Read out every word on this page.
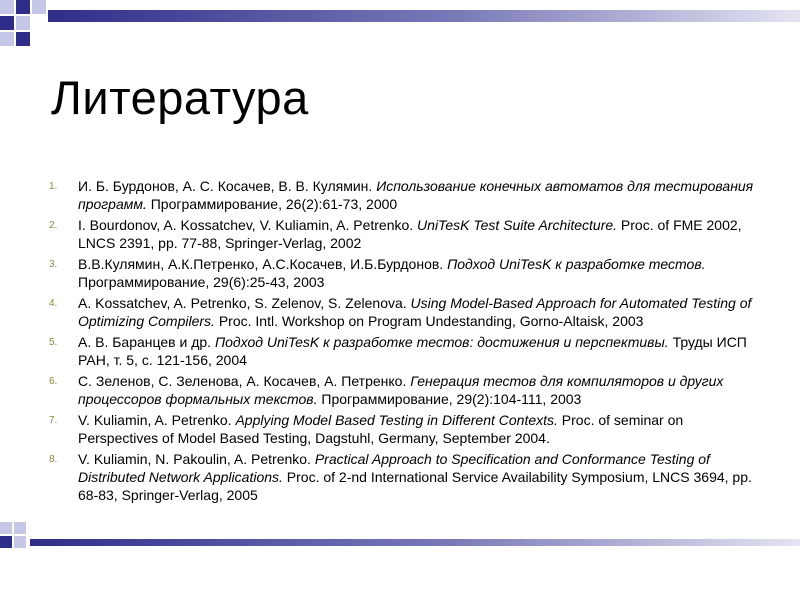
Литература
1.	И. Б. Бурдонов, А. С. Косачев, В. В. Кулямин. Использование конечных автоматов для тестирования программ. Программирование, 26(2):61-73, 2000
2.	I. Bourdonov, A. Kossatchev, V. Kuliamin, A. Petrenko. UniTesK Test Suite Architecture. Proc. of FME 2002, LNCS 2391, pp. 77-88, Springer-Verlag, 2002
3.	В.В.Кулямин, А.К.Петренко, А.С.Косачев, И.Б.Бурдонов. Подход UniTesK к разработке тестов. Программирование, 29(6):25-43, 2003
4.	A. Kossatchev, A. Petrenko, S. Zelenov, S. Zelenova. Using Model-Based Approach for Automated Testing of Optimizing Compilers. Proc. Intl. Workshop on Program Undestanding, Gorno-Altaisk, 2003
5.	А. В. Баранцев и др. Подход UniTesK к разработке тестов: достижения и перспективы. Труды ИСП РАН, т. 5, с. 121-156, 2004
6.	С. Зеленов, С. Зеленова, А. Косачев, А. Петренко. Генерация тестов для компиляторов и других процессоров формальных текстов. Программирование, 29(2):104-111, 2003
7.	V. Kuliamin, A. Petrenko. Applying Model Based Testing in Different Contexts. Proc. of seminar on Perspectives of Model Based Testing, Dagstuhl, Germany, September 2004.
8.	V. Kuliamin, N. Pakoulin, A. Petrenko. Practical Approach to Specification and Conformance Testing of Distributed Network Applications. Proc. of 2-nd International Service Availability Symposium, LNCS 3694, pp. 68-83, Springer-Verlag, 2005
